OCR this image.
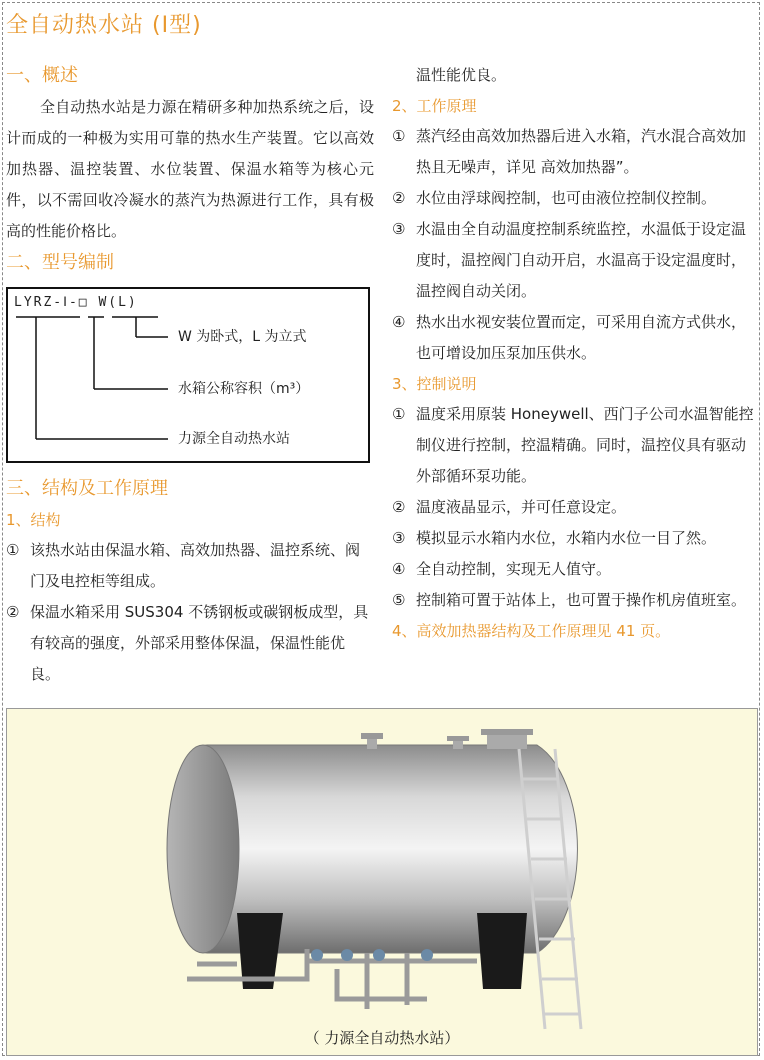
全自动热水站 (Ⅰ型)
一、概述
全自动热水站是力源在精研多种加热系统之后，设计而成的一种极为实用可靠的热水生产装置。它以高效加热器、温控装置、水位装置、保温水箱等为核心元件，以不需回收冷凝水的蒸汽为热源进行工作，具有极高的性能价格比。
二、型号编制
LYRZ-Ⅰ-□ W(L)
W 为卧式，L 为立式
水箱公称容积（m³）
力源全自动热水站
三、结构及工作原理
1、结构
① 该热水站由保温水箱、高效加热器、温控系统、阀门及电控柜等组成。
② 保温水箱采用 SUS304 不锈钢板或碳钢板成型，具有较高的强度，外部采用整体保温，保温性能优良。
温性能优良。
2、工作原理
① 蒸汽经由高效加热器后进入水箱，汽水混合高效加热且无噪声，详见 高效加热器”。
② 水位由浮球阀控制，也可由液位控制仪控制。
③ 水温由全自动温度控制系统监控，水温低于设定温度时，温控阀门自动开启，水温高于设定温度时，温控阀自动关闭。
④ 热水出水视安装位置而定，可采用自流方式供水，也可增设加压泵加压供水。
3、控制说明
① 温度采用原装 Honeywell、西门子公司水温智能控制仪进行控制，控温精确。同时，温控仪具有驱动外部循环泵功能。
② 温度液晶显示，并可任意设定。
③ 模拟显示水箱内水位，水箱内水位一目了然。
④ 全自动控制，实现无人值守。
⑤ 控制箱可置于站体上，也可置于操作机房值班室。
4、高效加热器结构及工作原理见 41 页。
（ 力源全自动热水站）
